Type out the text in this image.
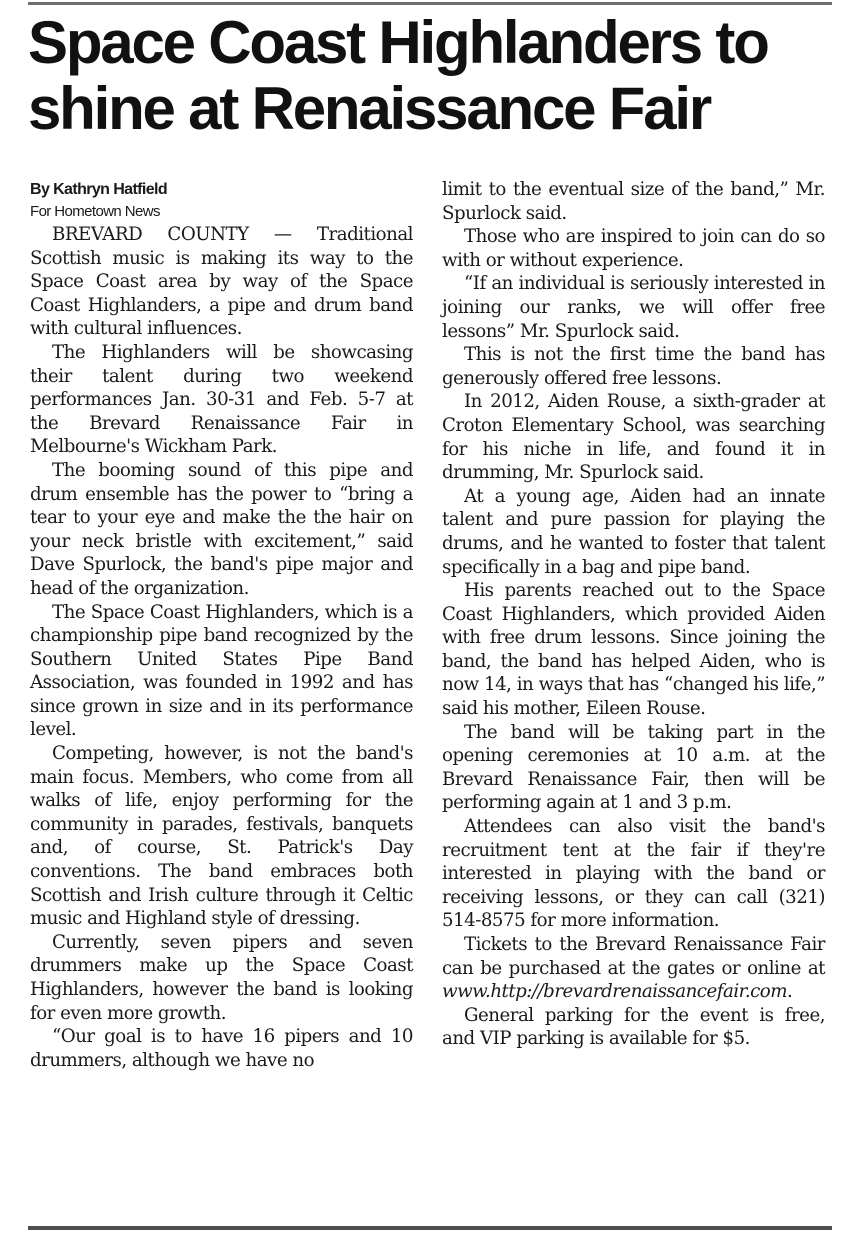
Space Coast Highlanders to shine at Renaissance Fair

By Kathryn Hatfield

For Hometown News

BREVARD COUNTY — Traditional Scottish music is making its way to the Space Coast area by way of the Space Coast Highlanders, a pipe and drum band with cultural influences.

The Highlanders will be showcasing their talent during two weekend performances Jan. 30-31 and Feb. 5-7 at the Brevard Renaissance Fair in Melbourne's Wickham Park.

The booming sound of this pipe and drum ensemble has the power to “bring a tear to your eye and make the the hair on your neck bristle with excitement,” said Dave Spurlock, the band's pipe major and head of the organization.

The Space Coast Highlanders, which is a championship pipe band recognized by the Southern United States Pipe Band Association, was founded in 1992 and has since grown in size and in its performance level.

Competing, however, is not the band's main focus. Members, who come from all walks of life, enjoy performing for the community in parades, festivals, banquets and, of course, St. Patrick's Day conventions. The band embraces both Scottish and Irish culture through it Celtic music and Highland style of dressing.

Currently, seven pipers and seven drummers make up the Space Coast Highlanders, however the band is looking for even more growth.

“Our goal is to have 16 pipers and 10 drummers, although we have no

limit to the eventual size of the band,” Mr. Spurlock said.

Those who are inspired to join can do so with or without experience.

“If an individual is seriously interested in joining our ranks, we will offer free lessons” Mr. Spurlock said.

This is not the first time the band has generously offered free lessons.

In 2012, Aiden Rouse, a sixth-grader at Croton Elementary School, was searching for his niche in life, and found it in drumming, Mr. Spurlock said.

At a young age, Aiden had an innate talent and pure passion for playing the drums, and he wanted to foster that talent specifically in a bag and pipe band.

His parents reached out to the Space Coast Highlanders, which provided Aiden with free drum lessons. Since joining the band, the band has helped Aiden, who is now 14, in ways that has “changed his life,” said his mother, Eileen Rouse.

The band will be taking part in the opening ceremonies at 10 a.m. at the Brevard Renaissance Fair, then will be performing again at 1 and 3 p.m.

Attendees can also visit the band's recruitment tent at the fair if they're interested in playing with the band or receiving lessons, or they can call (321) 514-8575 for more information.

Tickets to the Brevard Renaissance Fair can be purchased at the gates or online at www.http://brevardrenaissancefair.com.

General parking for the event is free, and VIP parking is available for $5.
